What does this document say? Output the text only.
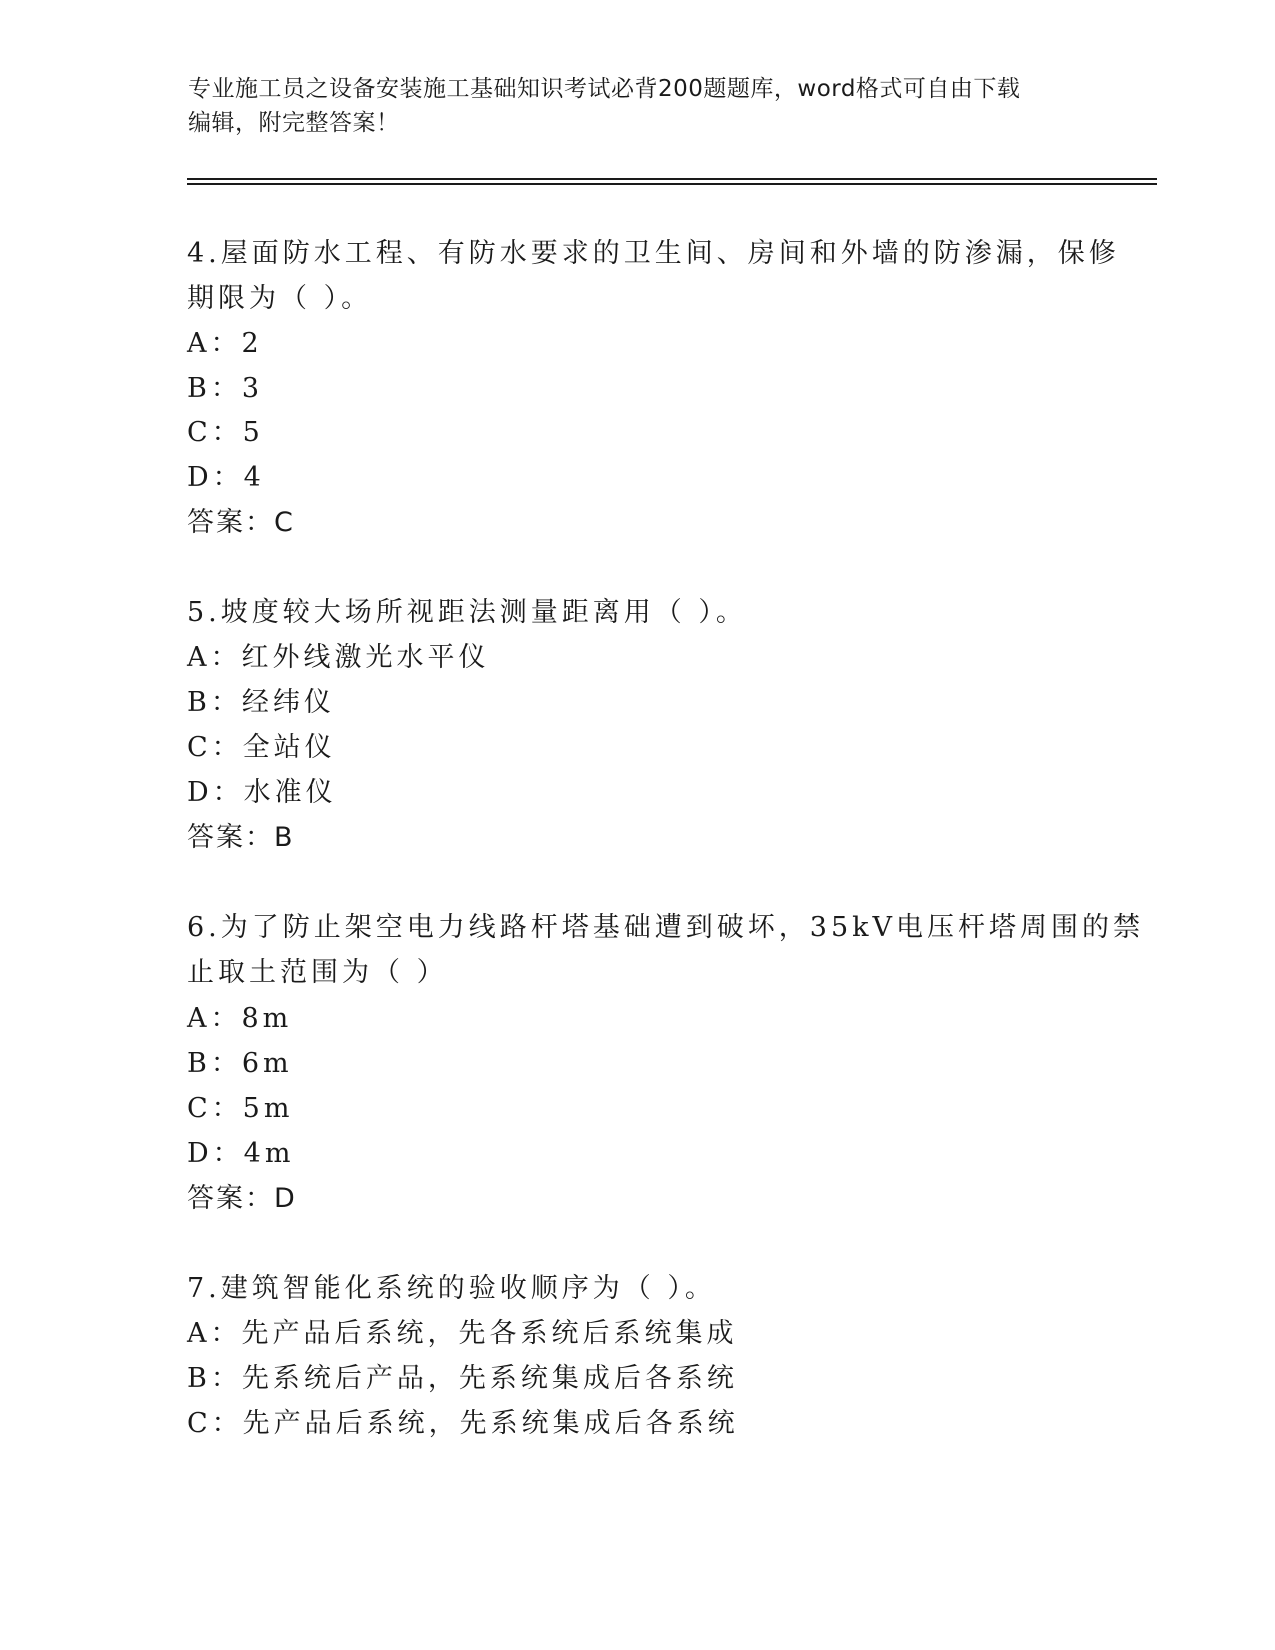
专业施工员之设备安装施工基础知识考试必背200题题库，word格式可自由下载
编辑，附完整答案！
4.屋面防水工程、有防水要求的卫生间、房间和外墙的防渗漏，保修
期限为（ ）。
A：2
B：3
C：5
D：4
答案：C
5.坡度较大场所视距法测量距离用（ ）。
A：红外线激光水平仪
B：经纬仪
C：全站仪
D：水准仪
答案：B
6.为了防止架空电力线路杆塔基础遭到破坏，35kV电压杆塔周围的禁
止取土范围为（ ）
A：8m
B：6m
C：5m
D：4m
答案：D
7.建筑智能化系统的验收顺序为（ ）。
A：先产品后系统，先各系统后系统集成
B：先系统后产品，先系统集成后各系统
C：先产品后系统，先系统集成后各系统
